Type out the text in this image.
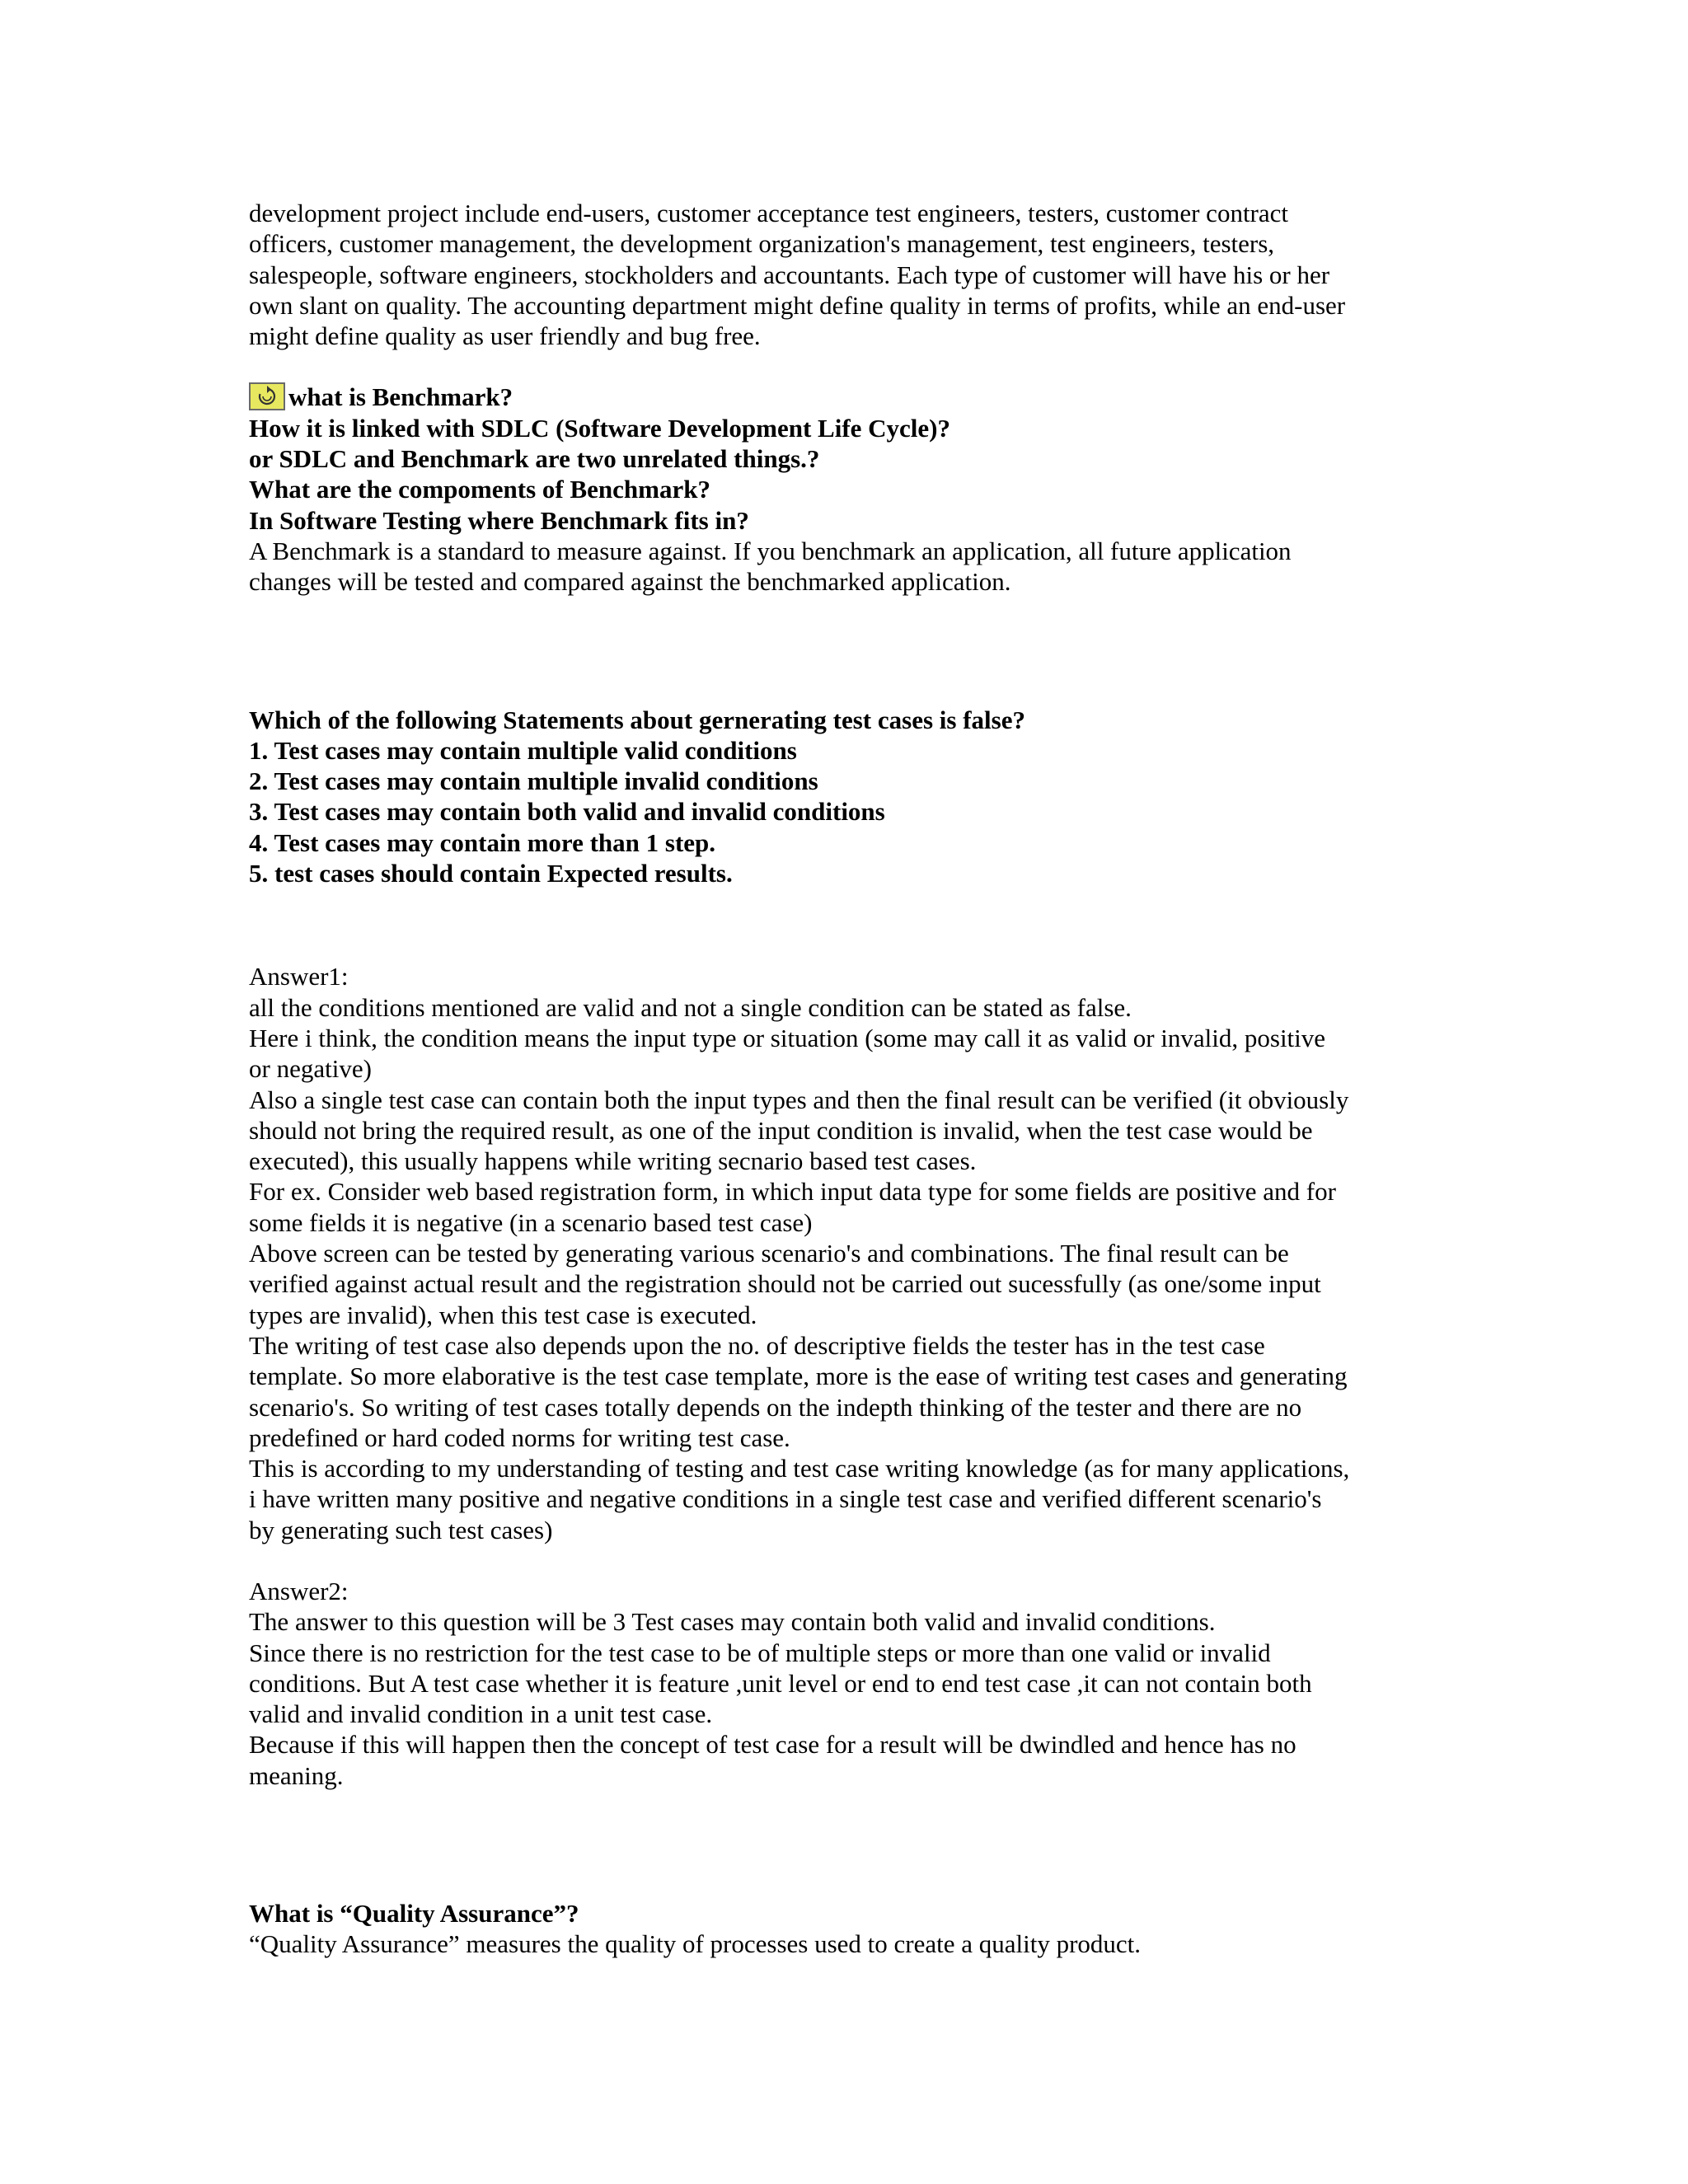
development project include end-users, customer acceptance test engineers, testers, customer contract
officers, customer management, the development organization's management, test engineers, testers,
salespeople, software engineers, stockholders and accountants. Each type of customer will have his or her
own slant on quality. The accounting department might define quality in terms of profits, while an end-user
might define quality as user friendly and bug free.
what is Benchmark?
How it is linked with SDLC (Software Development Life Cycle)?
or SDLC and Benchmark are two unrelated things.?
What are the compoments of Benchmark?
In Software Testing where Benchmark fits in?
A Benchmark is a standard to measure against. If you benchmark an application, all future application
changes will be tested and compared against the benchmarked application.
Which of the following Statements about gernerating test cases is false?
1. Test cases may contain multiple valid conditions
2. Test cases may contain multiple invalid conditions
3. Test cases may contain both valid and invalid conditions
4. Test cases may contain more than 1 step.
5. test cases should contain Expected results.
Answer1:
all the conditions mentioned are valid and not a single condition can be stated as false.
Here i think, the condition means the input type or situation (some may call it as valid or invalid, positive
or negative)
Also a single test case can contain both the input types and then the final result can be verified (it obviously
should not bring the required result, as one of the input condition is invalid, when the test case would be
executed), this usually happens while writing secnario based test cases.
For ex. Consider web based registration form, in which input data type for some fields are positive and for
some fields it is negative (in a scenario based test case)
Above screen can be tested by generating various scenario's and combinations. The final result can be
verified against actual result and the registration should not be carried out sucessfully (as one/some input
types are invalid), when this test case is executed.
The writing of test case also depends upon the no. of descriptive fields the tester has in the test case
template. So more elaborative is the test case template, more is the ease of writing test cases and generating
scenario's. So writing of test cases totally depends on the indepth thinking of the tester and there are no
predefined or hard coded norms for writing test case.
This is according to my understanding of testing and test case writing knowledge (as for many applications,
i have written many positive and negative conditions in a single test case and verified different scenario's
by generating such test cases)
Answer2:
The answer to this question will be 3 Test cases may contain both valid and invalid conditions.
Since there is no restriction for the test case to be of multiple steps or more than one valid or invalid
conditions. But A test case whether it is feature ,unit level or end to end test case ,it can not contain both
valid and invalid condition in a unit test case.
Because if this will happen then the concept of test case for a result will be dwindled and hence has no
meaning.
What is “Quality Assurance”?
“Quality Assurance” measures the quality of processes used to create a quality product.
